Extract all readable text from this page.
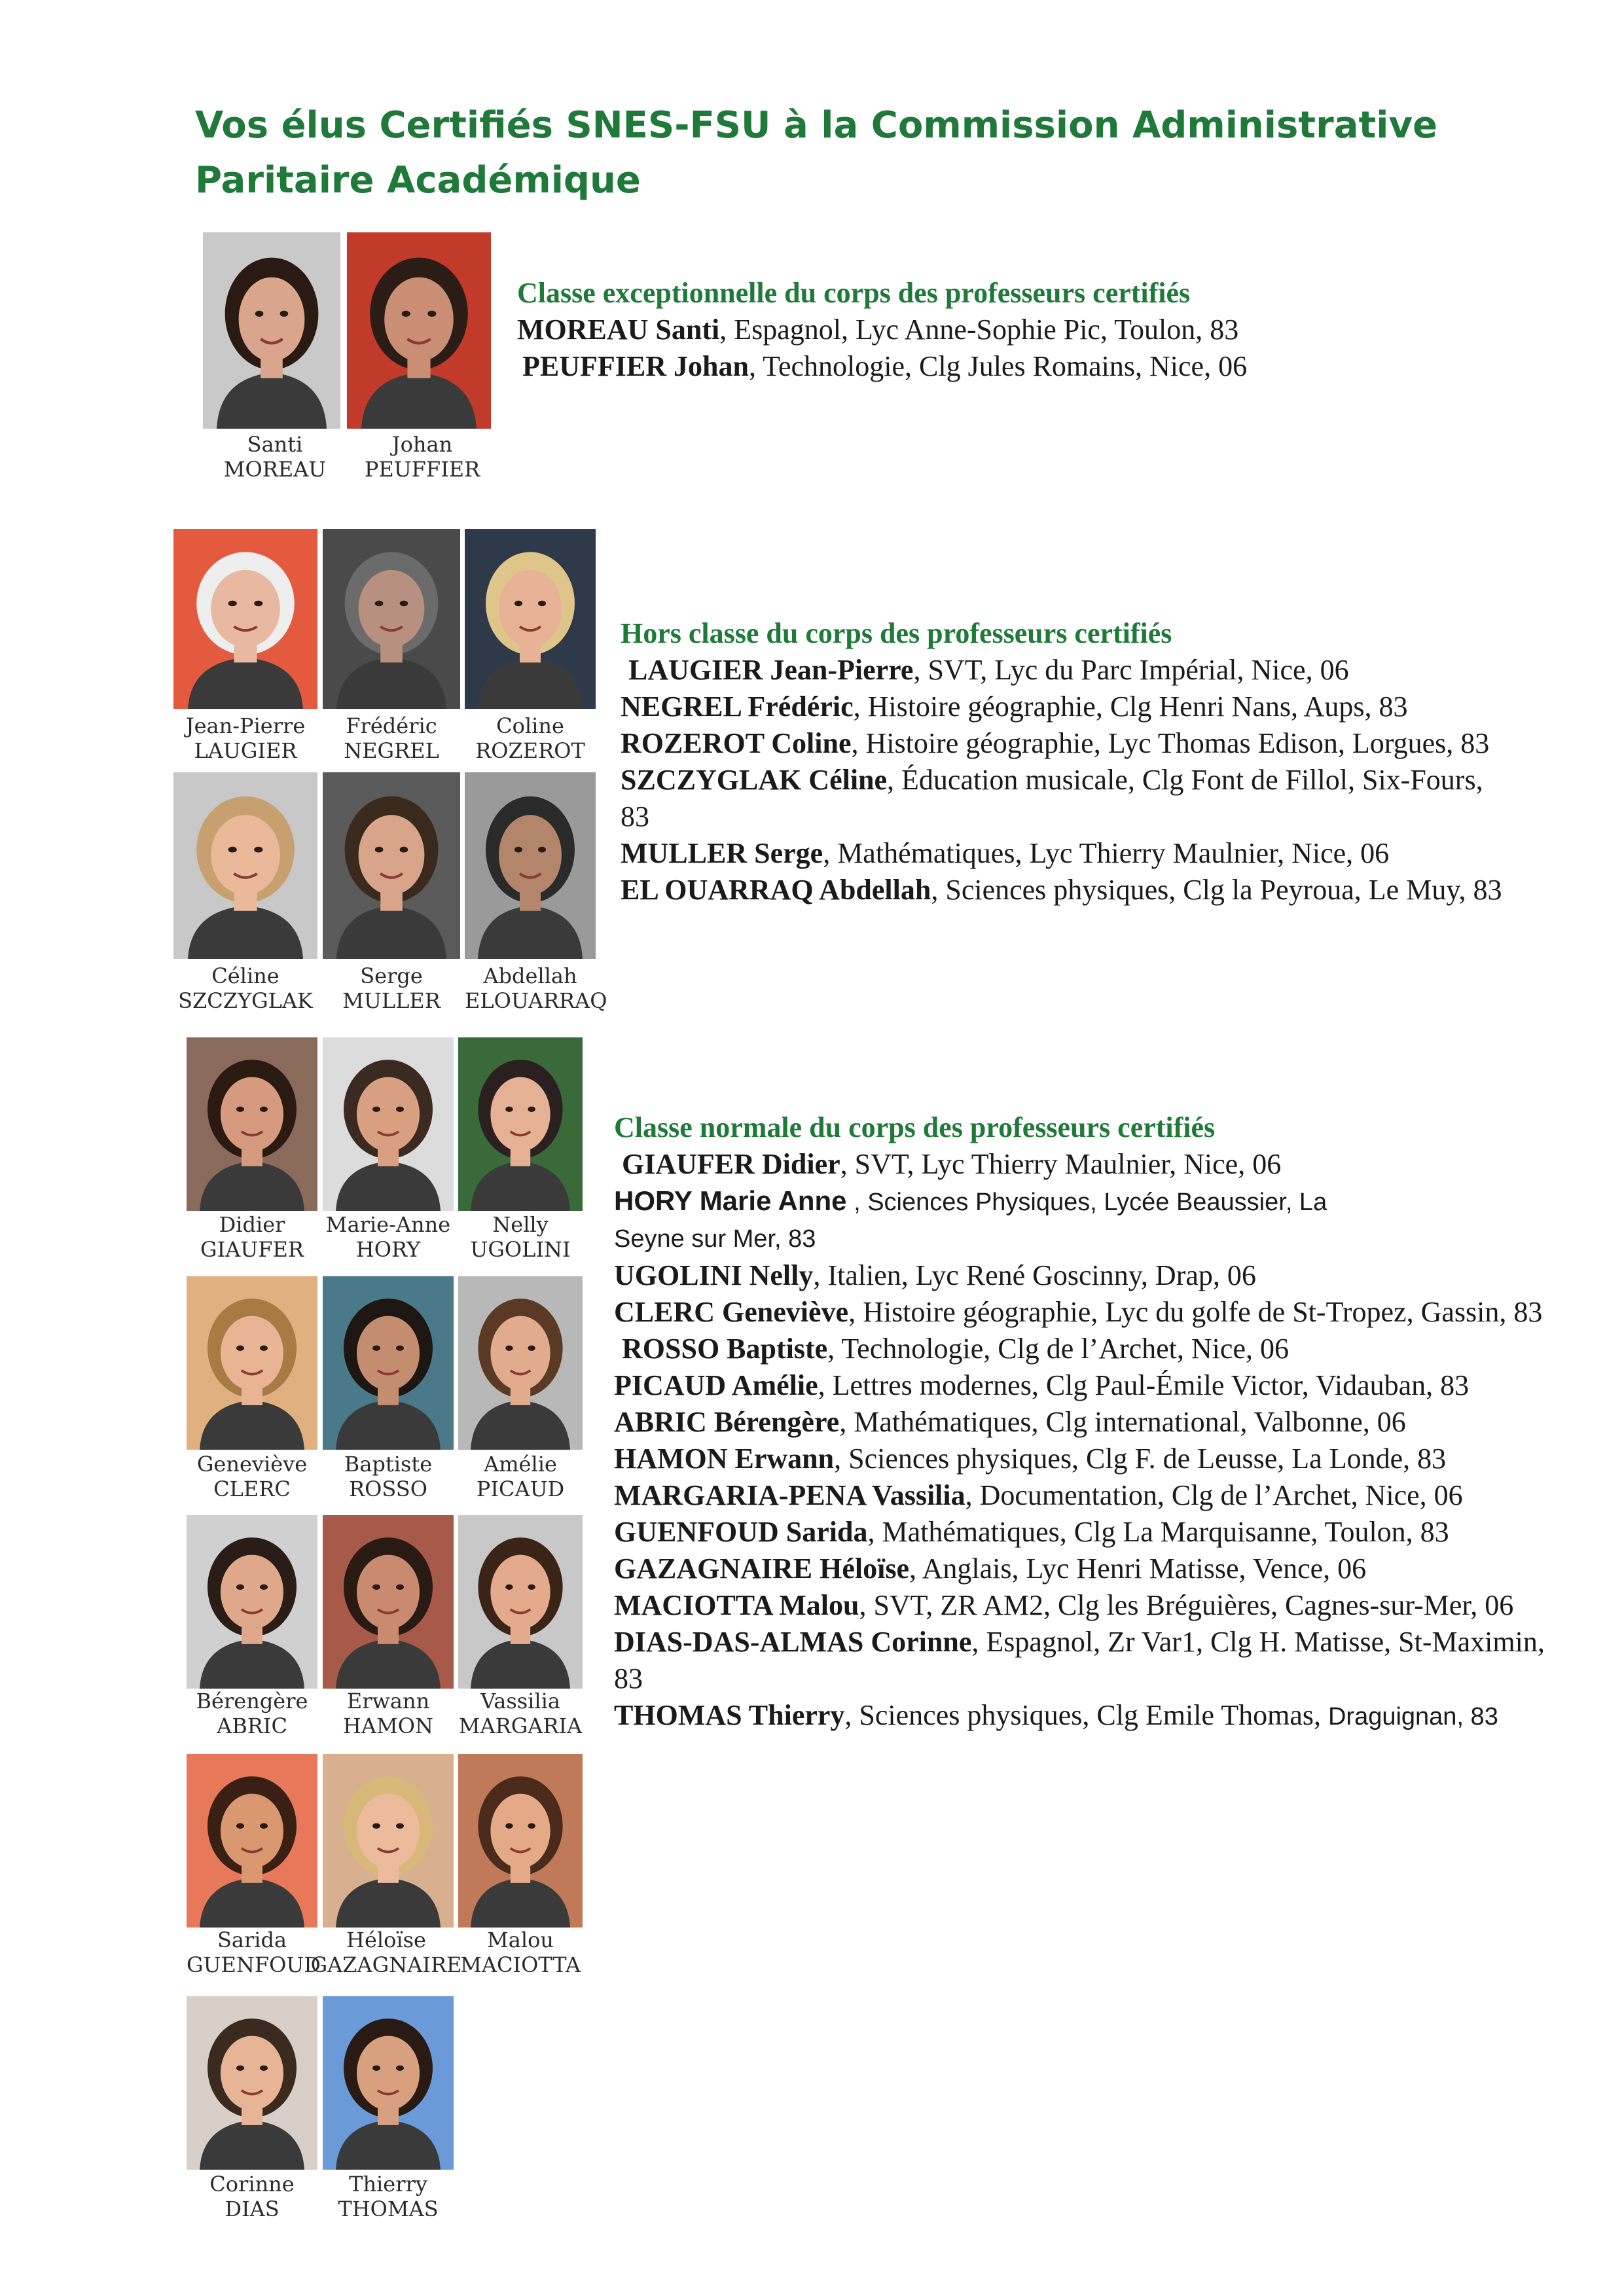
Vos élus Certifiés SNES-FSU à la Commission Administrative Paritaire Académique
Classe exceptionnelle du corps des professeurs certifiés
MOREAU Santi, Espagnol, Lyc Anne-Sophie Pic, Toulon, 83
PEUFFIER Johan, Technologie, Clg Jules Romains, Nice, 06
Hors classe du corps des professeurs certifiés
LAUGIER Jean-Pierre, SVT, Lyc du Parc Impérial, Nice, 06
NEGREL Frédéric, Histoire géographie, Clg Henri Nans, Aups, 83
ROZEROT Coline, Histoire géographie, Lyc Thomas Edison, Lorgues, 83
SZCZYGLAK Céline, Éducation musicale, Clg Font de Fillol, Six-Fours, 83
MULLER Serge, Mathématiques, Lyc Thierry Maulnier, Nice, 06
EL OUARRAQ Abdellah, Sciences physiques, Clg la Peyroua, Le Muy, 83
Classe normale du corps des professeurs certifiés
GIAUFER Didier, SVT, Lyc Thierry Maulnier, Nice, 06
HORY Marie Anne , Sciences Physiques, Lycée Beaussier, La Seyne sur Mer, 83
UGOLINI Nelly, Italien, Lyc René Goscinny, Drap, 06
CLERC Geneviève, Histoire géographie, Lyc du golfe de St-Tropez, Gassin, 83
ROSSO Baptiste, Technologie, Clg de l’Archet, Nice, 06
PICAUD Amélie, Lettres modernes, Clg Paul-Émile Victor, Vidauban, 83
ABRIC Bérengère, Mathématiques, Clg international, Valbonne, 06
HAMON Erwann, Sciences physiques, Clg F. de Leusse, La Londe, 83
MARGARIA-PENA Vassilia, Documentation, Clg de l’Archet, Nice, 06
GUENFOUD Sarida, Mathématiques, Clg La Marquisanne, Toulon, 83
GAZAGNAIRE Héloïse, Anglais, Lyc Henri Matisse, Vence, 06
MACIOTTA Malou, SVT, ZR AM2, Clg les Bréguières, Cagnes-sur-Mer, 06
DIAS-DAS-ALMAS Corinne, Espagnol, Zr Var1, Clg H. Matisse, St-Maximin, 83
THOMAS Thierry, Sciences physiques, Clg Emile Thomas, Draguignan, 83
Santi
MOREAU
Johan
PEUFFIER
Jean-Pierre
LAUGIER
Frédéric
NEGREL
Coline
ROZEROT
Céline
SZCZYGLAK
Serge
MULLER
Abdellah
ELOUARRAQ
Didier
GIAUFER
Marie-Anne
HORY
Nelly
UGOLINI
Geneviève
CLERC
Baptiste
ROSSO
Amélie
PICAUD
Bérengère
ABRIC
Erwann
HAMON
Vassilia
MARGARIA
Sarida
GUENFOUD
Héloïse
GAZAGNAIRE
Malou
MACIOTTA
Corinne
DIAS
Thierry
THOMAS
